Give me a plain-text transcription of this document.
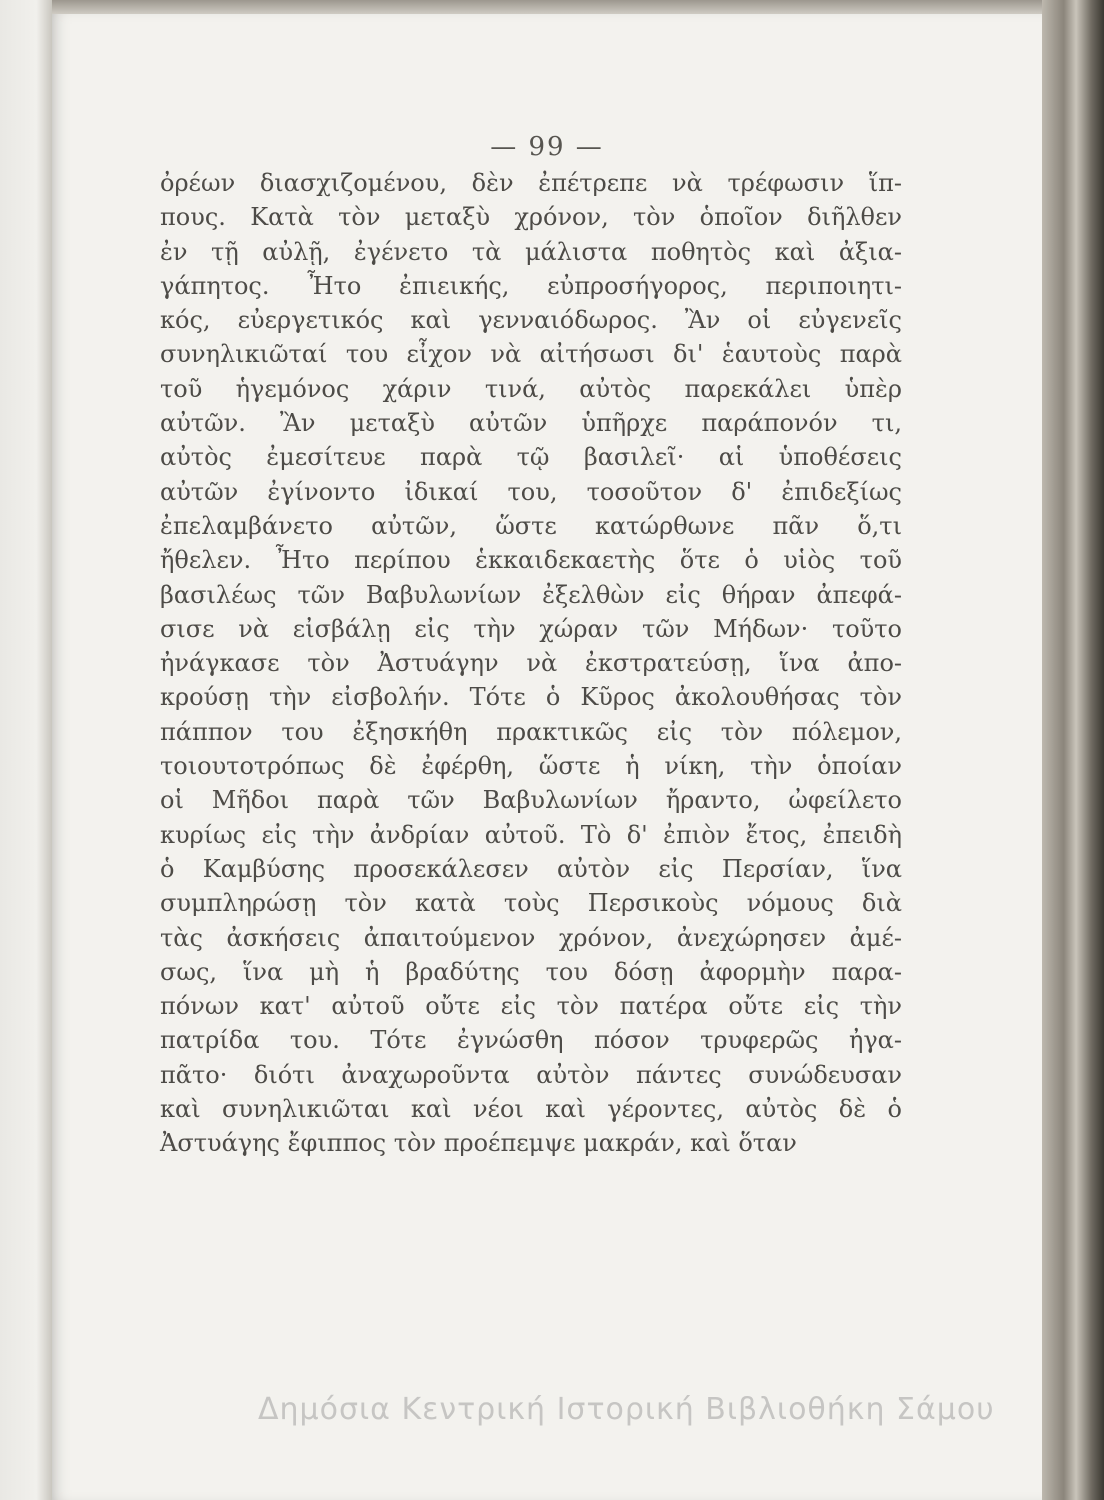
— 99 —
ὀρέων διασχιζομένου, δὲν ἐπέτρεπε νὰ τρέφωσιν ἵπ-
πους. Κατὰ τὸν μεταξὺ χρόνον, τὸν ὁποῖον διῆλθεν
ἐν τῇ αὐλῇ, ἐγένετο τὰ μάλιστα ποθητὸς καὶ ἀξια-
γάπητος. Ἦτο ἐπιεικής, εὐπροσήγορος, περιποιητι-
κός, εὐεργετικός καὶ γενναιόδωρος. Ἂν οἱ εὐγενεῖς
συνηλικιῶταί του εἶχον νὰ αἰτήσωσι δι' ἑαυτοὺς παρὰ
τοῦ ἡγεμόνος χάριν τινά, αὐτὸς παρεκάλει ὑπὲρ
αὐτῶν. Ἂν μεταξὺ αὐτῶν ὑπῆρχε παράπονόν τι,
αὐτὸς ἐμεσίτευε παρὰ τῷ βασιλεῖ· αἱ ὑποθέσεις
αὐτῶν ἐγίνοντο ἰδικαί του, τοσοῦτον δ' ἐπιδεξίως
ἐπελαμβάνετο αὐτῶν, ὥστε κατώρθωνε πᾶν ὅ,τι
ἤθελεν. Ἦτο περίπου ἑκκαιδεκαετὴς ὅτε ὁ υἱὸς τοῦ
βασιλέως τῶν Βαβυλωνίων ἐξελθὼν εἰς θήραν ἀπεφά-
σισε νὰ εἰσβάλῃ εἰς τὴν χώραν τῶν Μήδων· τοῦτο
ἠνάγκασε τὸν Ἀστυάγην νὰ ἐκστρατεύσῃ, ἵνα ἀπο-
κρούσῃ τὴν εἰσβολήν. Τότε ὁ Κῦρος ἀκολουθήσας τὸν
πάππον του ἐξησκήθη πρακτικῶς εἰς τὸν πόλεμον,
τοιουτοτρόπως δὲ ἐφέρθη, ὥστε ἡ νίκη, τὴν ὁποίαν
οἱ Μῆδοι παρὰ τῶν Βαβυλωνίων ἤραντο, ὠφείλετο
κυρίως εἰς τὴν ἀνδρίαν αὐτοῦ. Τὸ δ' ἐπιὸν ἔτος, ἐπειδὴ
ὁ Καμβύσης προσεκάλεσεν αὐτὸν εἰς Περσίαν, ἵνα
συμπληρώσῃ τὸν κατὰ τοὺς Περσικοὺς νόμους διὰ
τὰς ἀσκήσεις ἀπαιτούμενον χρόνον, ἀνεχώρησεν ἀμέ-
σως, ἵνα μὴ ἡ βραδύτης του δόσῃ ἀφορμὴν παρα-
πόνων κατ' αὐτοῦ οὔτε εἰς τὸν πατέρα οὔτε εἰς τὴν
πατρίδα του. Τότε ἐγνώσθη πόσον τρυφερῶς ἠγα-
πᾶτο· διότι ἀναχωροῦντα αὐτὸν πάντες συνώδευσαν
καὶ συνηλικιῶται καὶ νέοι καὶ γέροντες, αὐτὸς δὲ ὁ
Ἀστυάγης ἔφιππος τὸν προέπεμψε μακράν, καὶ ὅταν
Δημόσια Κεντρική Ιστορική Βιβλιοθήκη Σάμου
